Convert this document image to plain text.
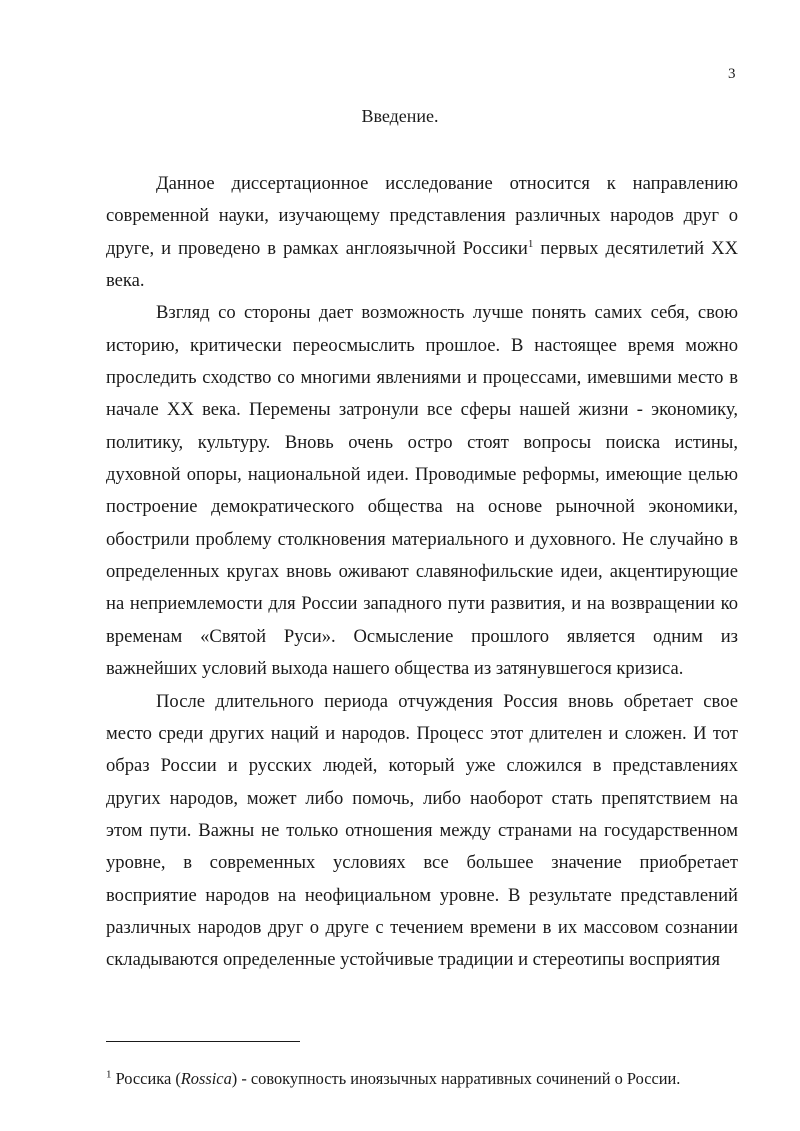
3
Введение.

Данное диссертационное исследование относится к направлению современной науки, изучающему представления различных народов друг о друге, и проведено в рамках англоязычной Россики$^1$ первых десятилетий XX века.

Взгляд со стороны дает возможность лучше понять самих себя, свою историю, критически переосмыслить прошлое. В настоящее время можно проследить сходство со многими явлениями и процессами, имевшими место в начале XX века. Перемены затронули все сферы нашей жизни - экономику, политику, культуру. Вновь очень остро стоят вопросы поиска истины, духовной опоры, национальной идеи. Проводимые реформы, имеющие целью построение демократического общества на основе рыночной экономики, обострили проблему столкновения материального и духовного. Не случайно в определенных кругах вновь оживают славянофильские идеи, акцентирующие на неприемлемости для России западного пути развития, и на возвращении ко временам «Святой Руси». Осмысление прошлого является одним из важнейших условий выхода нашего общества из затянувшегося кризиса.

После длительного периода отчуждения Россия вновь обретает свое место среди других наций и народов. Процесс этот длителен и сложен. И тот образ России и русских людей, который уже сложился в представлениях других народов, может либо помочь, либо наоборот стать препятствием на этом пути. Важны не только отношения между странами на государственном уровне, в современных условиях все большее значение приобретает восприятие народов на неофициальном уровне. В результате представлений различных народов друг о друге с течением времени в их массовом сознании складываются определенные устойчивые традиции и стереотипы восприятия

$^1$ Россика (Rossica) - совокупность иноязычных нарративных сочинений о России.
